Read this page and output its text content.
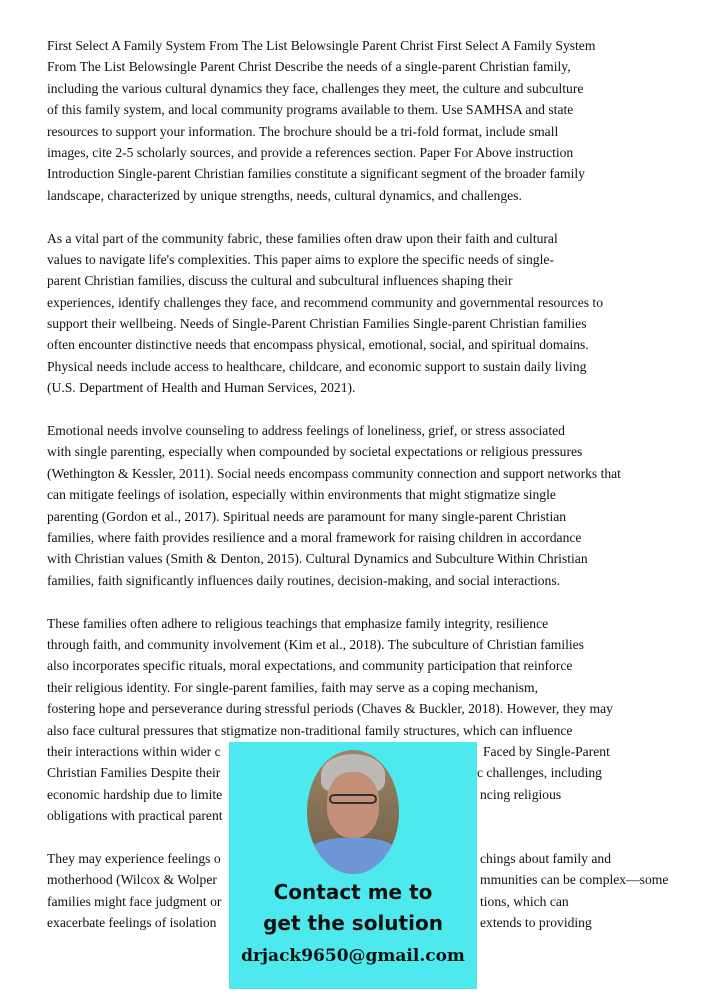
First Select A Family System From The List Belowsingle Parent Christ First Select A Family System
From The List Belowsingle Parent Christ Describe the needs of a single-parent Christian family,
including the various cultural dynamics they face, challenges they meet, the culture and subculture
of this family system, and local community programs available to them. Use SAMHSA and state
resources to support your information. The brochure should be a tri-fold format, include small
images, cite 2-5 scholarly sources, and provide a references section. Paper For Above instruction
Introduction Single-parent Christian families constitute a significant segment of the broader family
landscape, characterized by unique strengths, needs, cultural dynamics, and challenges.
As a vital part of the community fabric, these families often draw upon their faith and cultural
values to navigate life's complexities. This paper aims to explore the specific needs of single-
parent Christian families, discuss the cultural and subcultural influences shaping their
experiences, identify challenges they face, and recommend community and governmental resources to
support their wellbeing. Needs of Single-Parent Christian Families Single-parent Christian families
often encounter distinctive needs that encompass physical, emotional, social, and spiritual domains.
Physical needs include access to healthcare, childcare, and economic support to sustain daily living
(U.S. Department of Health and Human Services, 2021).
Emotional needs involve counseling to address feelings of loneliness, grief, or stress associated
with single parenting, especially when compounded by societal expectations or religious pressures
(Wethington & Kessler, 2011). Social needs encompass community connection and support networks that
can mitigate feelings of isolation, especially within environments that might stigmatize single
parenting (Gordon et al., 2017). Spiritual needs are paramount for many single-parent Christian
families, where faith provides resilience and a moral framework for raising children in accordance
with Christian values (Smith & Denton, 2015). Cultural Dynamics and Subculture Within Christian
families, faith significantly influences daily routines, decision-making, and social interactions.
These families often adhere to religious teachings that emphasize family integrity, resilience
through faith, and community involvement (Kim et al., 2018). The subculture of Christian families
also incorporates specific rituals, moral expectations, and community participation that reinforce
their religious identity. For single-parent families, faith may serve as a coping mechanism,
fostering hope and perseverance during stressful periods (Chaves & Buckler, 2018). However, they may
also face cultural pressures that stigmatize non-traditional family structures, which can influence
their interactions within wider c	Faced by Single-Parent
Christian Families Despite their	c challenges, including
economic hardship due to limite	ncing religious
obligations with practical parent
They may experience feelings o	chings about family and
motherhood (Wilcox & Wolper	mmunities can be complex—some
families might face judgment or	tions, which can
exacerbate feelings of isolation	extends to providing
Contact me to
get the solution
drjack9650@gmail.com
